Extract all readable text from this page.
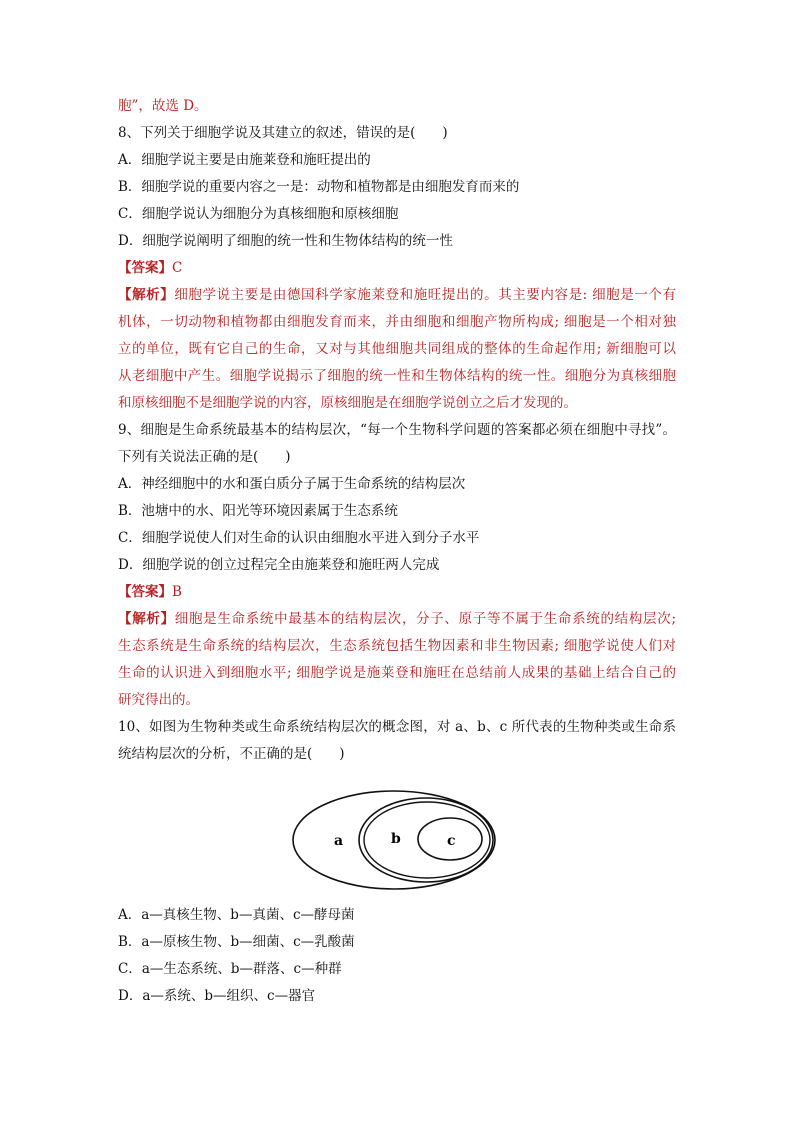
胞”，故选 D。
8、下列关于细胞学说及其建立的叙述，错误的是(　　)
A．细胞学说主要是由施莱登和施旺提出的
B．细胞学说的重要内容之一是：动物和植物都是由细胞发育而来的
C．细胞学说认为细胞分为真核细胞和原核细胞
D．细胞学说阐明了细胞的统一性和生物体结构的统一性
【答案】C
【解析】细胞学说主要是由德国科学家施莱登和施旺提出的。其主要内容是: 细胞是一个有
机体，一切动物和植物都由细胞发育而来，并由细胞和细胞产物所构成; 细胞是一个相对独
立的单位，既有它自己的生命，又对与其他细胞共同组成的整体的生命起作用; 新细胞可以
从老细胞中产生。细胞学说揭示了细胞的统一性和生物体结构的统一性。细胞分为真核细胞
和原核细胞不是细胞学说的内容，原核细胞是在细胞学说创立之后才发现的。
9、细胞是生命系统最基本的结构层次，“每一个生物科学问题的答案都必须在细胞中寻找”。
下列有关说法正确的是(　　)
A．神经细胞中的水和蛋白质分子属于生命系统的结构层次
B．池塘中的水、阳光等环境因素属于生态系统
C．细胞学说使人们对生命的认识由细胞水平进入到分子水平
D．细胞学说的创立过程完全由施莱登和施旺两人完成
【答案】B
【解析】细胞是生命系统中最基本的结构层次，分子、原子等不属于生命系统的结构层次;
生态系统是生命系统的结构层次，生态系统包括生物因素和非生物因素; 细胞学说使人们对
生命的认识进入到细胞水平; 细胞学说是施莱登和施旺在总结前人成果的基础上结合自己的
研究得出的。
10、如图为生物种类或生命系统结构层次的概念图，对 a、b、c 所代表的生物种类或生命系
统结构层次的分析，不正确的是(　　)
a	b	c
A．a—真核生物、b—真菌、c—酵母菌
B．a—原核生物、b—细菌、c—乳酸菌
C．a—生态系统、b—群落、c—种群
D．a—系统、b—组织、c—器官
